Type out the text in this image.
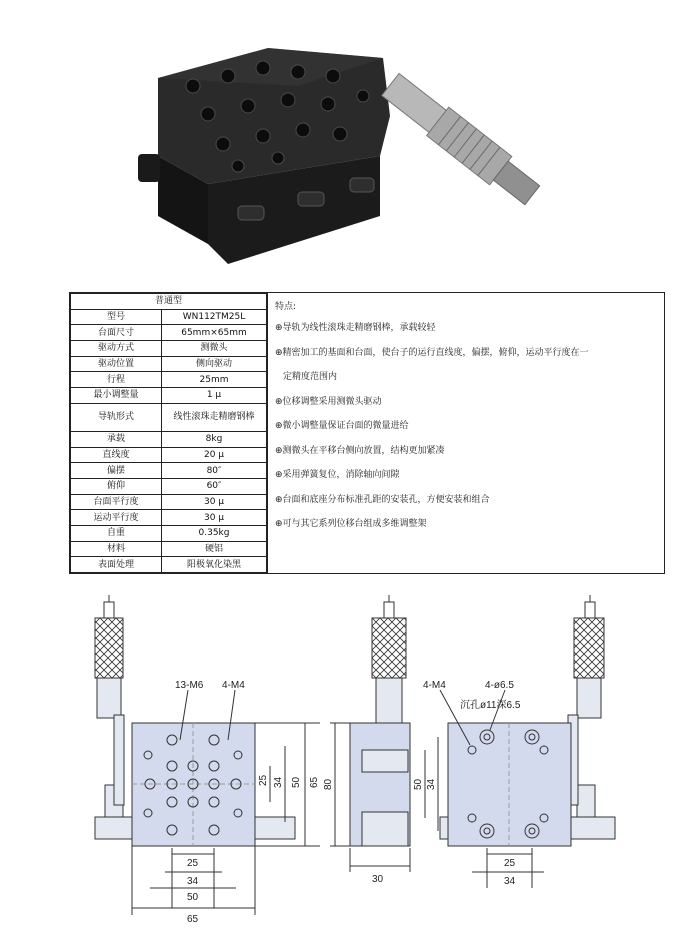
普通型	
型号	WN112TM25L
台面尺寸	65mm×65mm
驱动方式	测微头
驱动位置	侧向驱动
行程	25mm
最小调整量	1 μ
导轨形式	线性滚珠走精磨钢棒
承载	8kg
直线度	20 μ
偏摆	80″
俯仰	60″
台面平行度	30 μ
运动平行度	30 μ
自重	0.35kg
材料	硬铝
表面处理	阳极氧化染黑
特点:
⊕导轨为线性滚珠走精磨钢棒，承载较轻
⊕精密加工的基面和台面，使台子的运行直线度，偏摆，俯仰，运动平行度在一
定精度范围内
⊕位移调整采用测微头驱动
⊕微小调整量保证台面的微量进给
⊕测微头在平移台侧向放置，结构更加紧凑
⊕采用弹簧复位，消除轴向间隙
⊕台面和底座分布标准孔距的安装孔，方便安装和组合
⊕可与其它系列位移台组成多维调整架
13-M6 4-M4
25 34 50 65
25
34
50
65
80
30
4-M4	4-ø6.5
沉孔ø11深6.5
50 34
25
34
